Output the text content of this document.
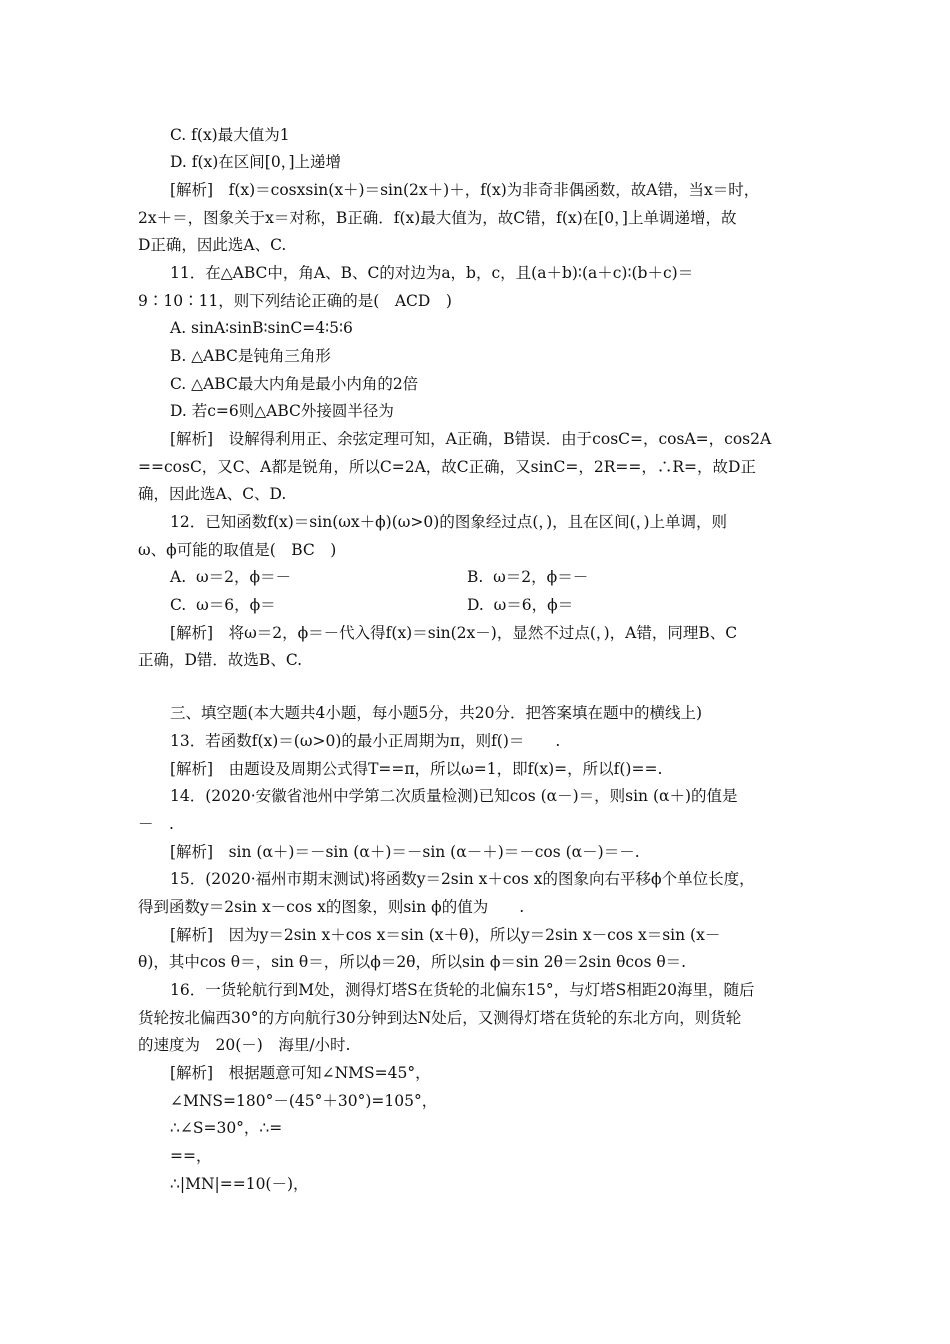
C. f(x)最大值为1
D. f(x)在区间[0，]上递增
[解析]　f(x)＝cosxsin(x＋)＝sin(2x＋)＋，f(x)为非奇非偶函数，故A错，当x＝时，
2x＋＝，图象关于x＝对称，B正确．f(x)最大值为，故C错，f(x)在[0，]上单调递增，故
D正确，因此选A、C.
11．在△ABC中，角A、B、C的对边为a，b，c，且(a＋b)∶(a＋c)∶(b＋c)＝
9∶10∶11，则下列结论正确的是(　ACD　)
A. sinA∶sinB∶sinC=4∶5∶6
B. △ABC是钝角三角形
C. △ABC最大内角是最小内角的2倍
D. 若c=6则△ABC外接圆半径为
[解析]　设解得利用正、余弦定理可知，A正确，B错误．由于cosC=，cosA=，cos2A
==cosC，又C、A都是锐角，所以C=2A，故C正确，又sinC=，2R==，∴R=，故D正
确，因此选A、C、D.
12．已知函数f(x)＝sin(ωx＋ϕ)(ω>0)的图象经过点(，)，且在区间(，)上单调，则
ω、ϕ可能的取值是(　BC　)
A.  ω＝2，ϕ＝－	B.  ω＝2，ϕ＝－
C.  ω＝6，ϕ＝	D.  ω＝6，ϕ＝
[解析]　将ω＝2，ϕ＝－代入得f(x)＝sin(2x－)，显然不过点(，)，A错，同理B、C
正确，D错．故选B、C.
三、填空题(本大题共4小题，每小题5分，共20分．把答案填在题中的横线上)
13．若函数f(x)＝(ω>0)的最小正周期为π，则f()＝　　.
[解析]　由题设及周期公式得T==π，所以ω=1，即f(x)=，所以f()==.
14．(2020·安徽省池州中学第二次质量检测)已知cos (α－)＝，则sin (α＋)的值是
－　.
[解析]　sin (α＋)＝－sin (α＋)＝－sin (α－＋)＝－cos (α－)＝－.
15．(2020·福州市期末测试)将函数y＝2sin x＋cos x的图象向右平移ϕ个单位长度，
得到函数y＝2sin x－cos x的图象，则sin ϕ的值为　　.
[解析]　因为y＝2sin x＋cos x＝sin (x＋θ)，所以y＝2sin x－cos x＝sin (x－
θ)，其中cos θ＝，sin θ＝，所以ϕ＝2θ，所以sin ϕ＝sin 2θ＝2sin θcos θ＝.
16．一货轮航行到M处，测得灯塔S在货轮的北偏东15°，与灯塔S相距20海里，随后
货轮按北偏西30°的方向航行30分钟到达N处后，又测得灯塔在货轮的东北方向，则货轮
的速度为　20(－)　海里/小时.
[解析]　根据题意可知∠NMS=45°，
∠MNS=180°－(45°＋30°)=105°，
∴∠S=30°，∴=
==，
∴|MN|==10(－)，
